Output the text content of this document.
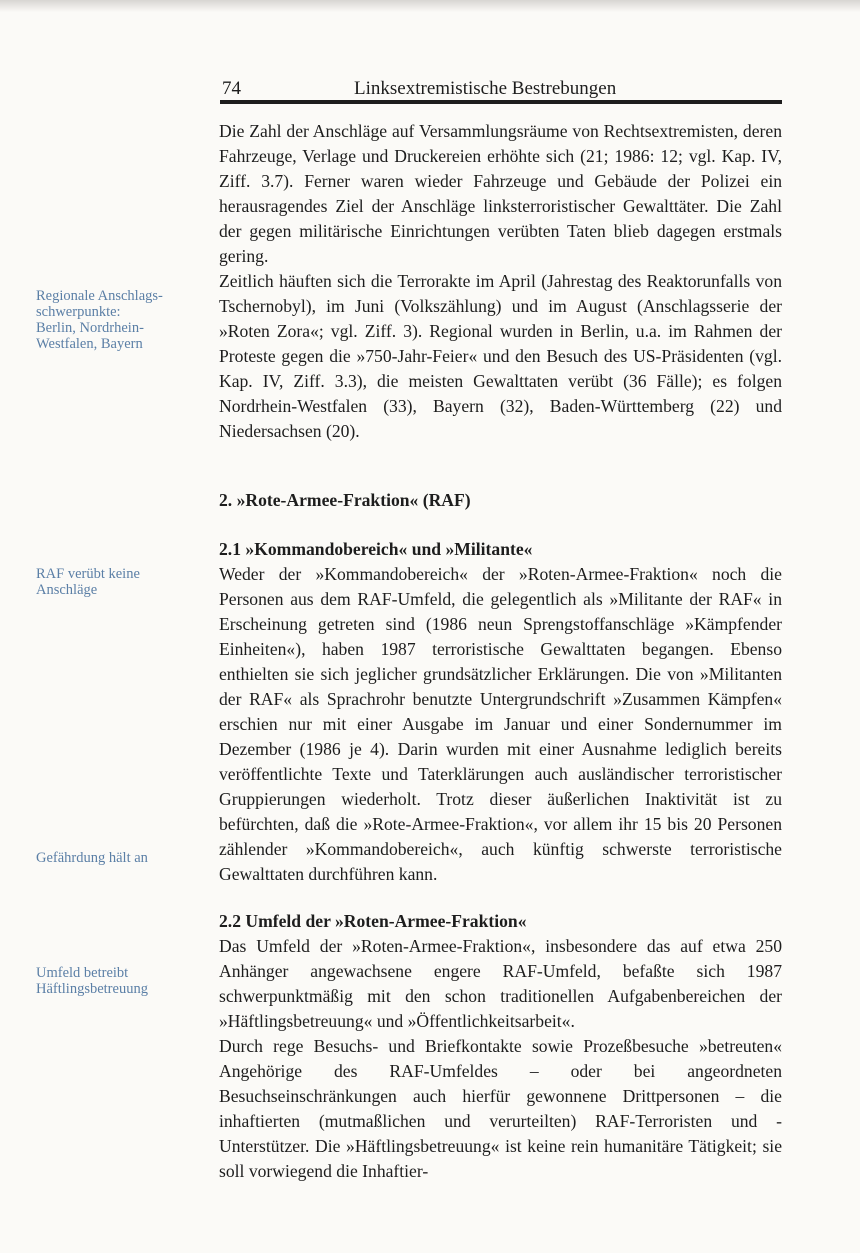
74	Linksextremistische Bestrebungen
Regionale Anschlags-
schwerpunkte:
Berlin, Nordrhein-
Westfalen, Bayern
RAF verübt keine
Anschläge
Gefährdung hält an
Umfeld betreibt
Häftlingsbetreuung

Die Zahl der Anschläge auf Versammlungsräume von Rechtsextremisten, deren Fahrzeuge, Verlage und Druckereien erhöhte sich (21; 1986: 12; vgl. Kap. IV, Ziff. 3.7). Ferner waren wieder Fahrzeuge und Gebäude der Polizei ein herausragendes Ziel der Anschläge linksterroristischer Gewalttäter. Die Zahl der gegen militärische Einrichtungen verübten Taten blieb dagegen erstmals gering.

Zeitlich häuften sich die Terrorakte im April (Jahrestag des Reaktorunfalls von Tschernobyl), im Juni (Volkszählung) und im August (Anschlagsserie der »Roten Zora«; vgl. Ziff. 3). Regional wurden in Berlin, u.a. im Rahmen der Proteste gegen die »750-Jahr-Feier« und den Besuch des US-Präsidenten (vgl. Kap. IV, Ziff. 3.3), die meisten Gewalttaten verübt (36 Fälle); es folgen Nordrhein-Westfalen (33), Bayern (32), Baden-Württemberg (22) und Niedersachsen (20).

2. »Rote-Armee-Fraktion« (RAF)
2.1 »Kommandobereich« und »Militante«

Weder der »Kommandobereich« der »Roten-Armee-Fraktion« noch die Personen aus dem RAF-Umfeld, die gelegentlich als »Militante der RAF« in Erscheinung getreten sind (1986 neun Sprengstoffanschläge »Kämpfender Einheiten«), haben 1987 terroristische Gewalttaten begangen. Ebenso enthielten sie sich jeglicher grundsätzlicher Erklärungen. Die von »Militanten der RAF« als Sprachrohr benutzte Untergrundschrift »Zusammen Kämpfen« erschien nur mit einer Ausgabe im Januar und einer Sondernummer im Dezember (1986 je 4). Darin wurden mit einer Ausnahme lediglich bereits veröffentlichte Texte und Taterklärungen auch ausländischer terroristischer Gruppierungen wiederholt. Trotz dieser äußerlichen Inaktivität ist zu befürchten, daß die »Rote-Armee-Fraktion«, vor allem ihr 15 bis 20 Personen zählender »Kommandobereich«, auch künftig schwerste terroristische Gewalttaten durchführen kann.

2.2 Umfeld der »Roten-Armee-Fraktion«

Das Umfeld der »Roten-Armee-Fraktion«, insbesondere das auf etwa 250 Anhänger angewachsene engere RAF-Umfeld, befaßte sich 1987 schwerpunktmäßig mit den schon traditionellen Aufgabenbereichen der »Häftlingsbetreuung« und »Öffentlichkeitsarbeit«.

Durch rege Besuchs- und Briefkontakte sowie Prozeßbesuche »betreuten« Angehörige des RAF-Umfeldes – oder bei angeordneten Besuchseinschränkungen auch hierfür gewonnene Drittpersonen – die inhaftierten (mutmaßlichen und verurteilten) RAF-Terroristen und -Unterstützer. Die »Häftlingsbetreuung« ist keine rein humanitäre Tätigkeit; sie soll vorwiegend die Inhaftier-
